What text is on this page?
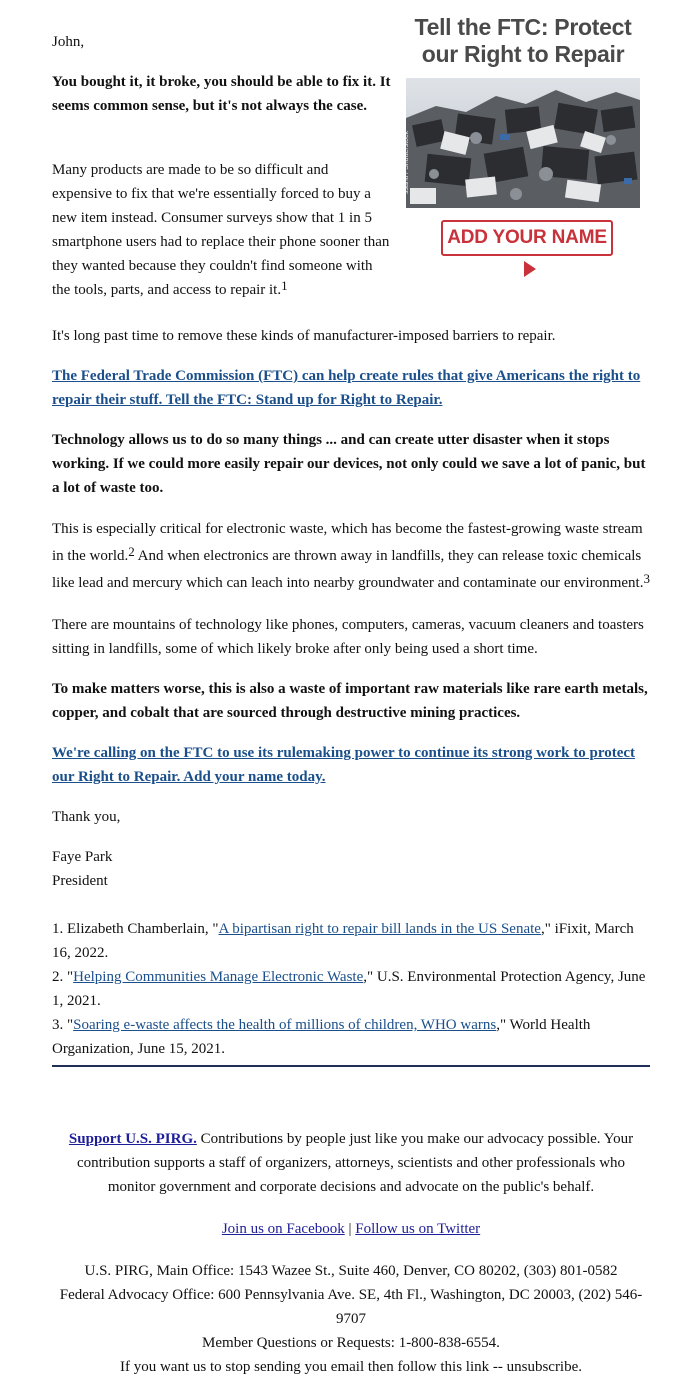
John,

You bought it, it broke, you should be able to fix it. It seems common sense, but it's not always the case.

Many products are made to be so difficult and expensive to fix that we're essentially forced to buy a new item instead. Consumer surveys show that 1 in 5 smartphone users had to replace their phone sooner than they wanted because they couldn't find someone with the tools, parts, and access to repair it.$^1$

Tell the FTC: Protect our Right to Repair
ssanti / Shutterstock
ADD YOUR NAME

It's long past time to remove these kinds of manufacturer-imposed barriers to repair.

The Federal Trade Commission (FTC) can help create rules that give Americans the right to repair their stuff. Tell the FTC: Stand up for Right to Repair.

Technology allows us to do so many things ... and can create utter disaster when it stops working. If we could more easily repair our devices, not only could we save a lot of panic, but a lot of waste too.

This is especially critical for electronic waste, which has become the fastest-growing waste stream in the world.$^2$ And when electronics are thrown away in landfills, they can release toxic chemicals like lead and mercury which can leach into nearby groundwater and contaminate our environment.$^3$

There are mountains of technology like phones, computers, cameras, vacuum cleaners and toasters sitting in landfills, some of which likely broke after only being used a short time.

To make matters worse, this is also a waste of important raw materials like rare earth metals, copper, and cobalt that are sourced through destructive mining practices.

We're calling on the FTC to use its rulemaking power to continue its strong work to protect our Right to Repair. Add your name today.

Thank you,

Faye Park
President

1. Elizabeth Chamberlain, "A bipartisan right to repair bill lands in the US Senate," iFixit, March 16, 2022.

2. "Helping Communities Manage Electronic Waste," U.S. Environmental Protection Agency, June 1, 2021.

3. "Soaring e-waste affects the health of millions of children, WHO warns," World Health Organization, June 15, 2021.

Support U.S. PIRG. Contributions by people just like you make our advocacy possible. Your contribution supports a staff of organizers, attorneys, scientists and other professionals who monitor government and corporate decisions and advocate on the public's behalf.

Join us on Facebook | Follow us on Twitter

U.S. PIRG, Main Office: 1543 Wazee St., Suite 460, Denver, CO 80202, (303) 801-0582

Federal Advocacy Office: 600 Pennsylvania Ave. SE, 4th Fl., Washington, DC 20003, (202) 546-9707

Member Questions or Requests: 1-800-838-6554.

If you want us to stop sending you email then follow this link -- unsubscribe.
